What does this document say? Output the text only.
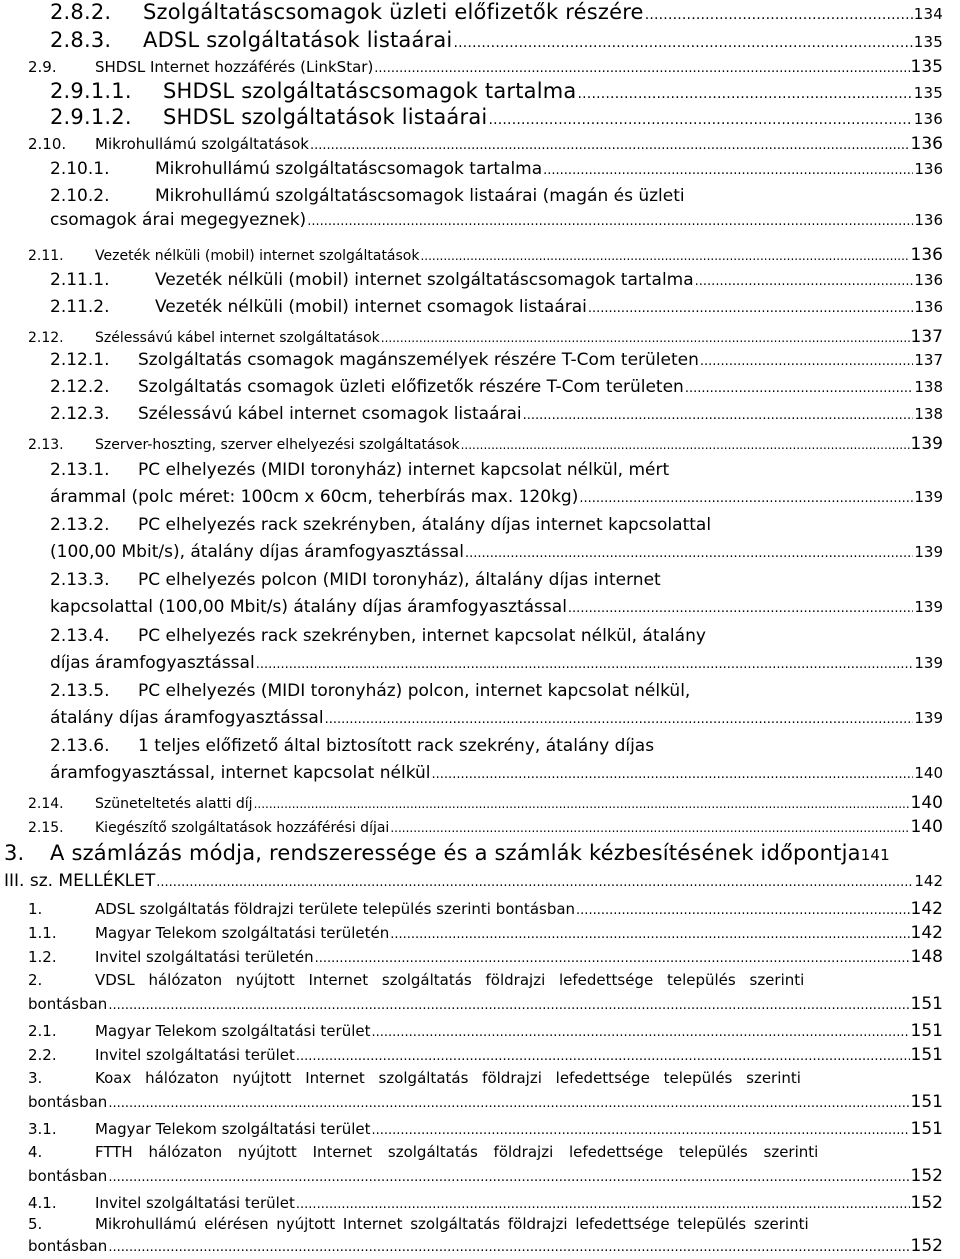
2.8.2.	Szolgáltatáscsomagok üzleti előfizetők részére .....	134
2.8.3.	ADSL szolgáltatások listaárai .....	135
2.9.	SHDSL Internet hozzáférés (LinkStar) .....	135
2.9.1.1.	SHDSL szolgáltatáscsomagok tartalma .....	135
2.9.1.2.	SHDSL szolgáltatások listaárai .....	136
2.10.	Mikrohullámú szolgáltatások .....	136
2.10.1.	Mikrohullámú szolgáltatáscsomagok tartalma .....	136
2.10.2.	Mikrohullámú szolgáltatáscsomagok listaárai (magán és üzleti
csomagok árai megegyeznek) .....	136
2.11.	Vezeték nélküli (mobil) internet szolgáltatások .....	136
2.11.1.	Vezeték nélküli (mobil) internet szolgáltatáscsomagok tartalma .....	136
2.11.2.	Vezeték nélküli (mobil) internet csomagok listaárai .....	136
2.12.	Szélessávú kábel internet szolgáltatások .....	137
2.12.1.	Szolgáltatás csomagok magánszemélyek részére T-Com területen .....	137
2.12.2.	Szolgáltatás csomagok üzleti előfizetők részére T-Com területen .....	138
2.12.3.	Szélessávú kábel internet csomagok listaárai .....	138
2.13.	Szerver-hoszting, szerver elhelyezési szolgáltatások .....	139
2.13.1.	PC elhelyezés (MIDI toronyház) internet kapcsolat nélkül, mért
árammal (polc méret: 100cm x 60cm, teherbírás max. 120kg) .....	139
2.13.2.	PC elhelyezés rack szekrényben, átalány díjas internet kapcsolattal
(100,00 Mbit/s), átalány díjas áramfogyasztással .....	139
2.13.3.	PC elhelyezés polcon (MIDI toronyház), általány díjas internet
kapcsolattal (100,00 Mbit/s) átalány díjas áramfogyasztással .....	139
2.13.4.	PC elhelyezés rack szekrényben, internet kapcsolat nélkül, átalány
díjas áramfogyasztással .....	139
2.13.5.	PC elhelyezés (MIDI toronyház) polcon, internet kapcsolat nélkül,
átalány díjas áramfogyasztással .....	139
2.13.6.	1 teljes előfizető által biztosított rack szekrény, átalány díjas
áramfogyasztással, internet kapcsolat nélkül .....	140
2.14.	Szüneteltetés alatti díj .....	140
2.15.	Kiegészítő szolgáltatások hozzáférési díjai .....	140
3.	A számlázás módja, rendszeressége és a számlák kézbesítésének időpontja 141
III. sz. MELLÉKLET .....	142
1.	ADSL szolgáltatás földrajzi területe település szerinti bontásban .....	142
1.1.	Magyar Telekom szolgáltatási területén .....	142
1.2.	Invitel szolgáltatási területén .....	148
2.	VDSL hálózaton nyújtott Internet szolgáltatás földrajzi lefedettsége település szerinti
bontásban .....	151
2.1.	Magyar Telekom szolgáltatási terület .....	151
2.2.	Invitel szolgáltatási terület .....	151
3.	Koax hálózaton nyújtott Internet szolgáltatás földrajzi lefedettsége település szerinti
bontásban .....	151
3.1.	Magyar Telekom szolgáltatási terület .....	151
4.	FTTH hálózaton nyújtott Internet szolgáltatás földrajzi lefedettsége település szerinti
bontásban .....	152
4.1.	Invitel szolgáltatási terület .....	152
5.	Mikrohullámú elérésen nyújtott Internet szolgáltatás földrajzi lefedettsége település szerinti
bontásban .....	152
